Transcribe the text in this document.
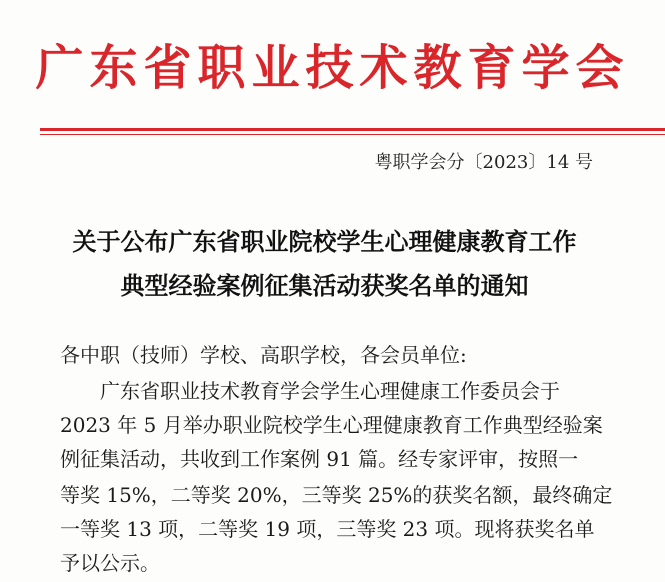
广东省职业技术教育学会
粤职学会分〔2023〕14 号
关于公布广东省职业院校学生心理健康教育工作
典型经验案例征集活动获奖名单的通知
各中职（技师）学校、高职学校，各会员单位:
广东省职业技术教育学会学生心理健康工作委员会于
2023 年 5 月举办职业院校学生心理健康教育工作典型经验案
例征集活动，共收到工作案例 91 篇。经专家评审，按照一
等奖 15%，二等奖 20%，三等奖 25%的获奖名额，最终确定
一等奖 13 项，二等奖 19 项，三等奖 23 项。现将获奖名单
予以公示。
